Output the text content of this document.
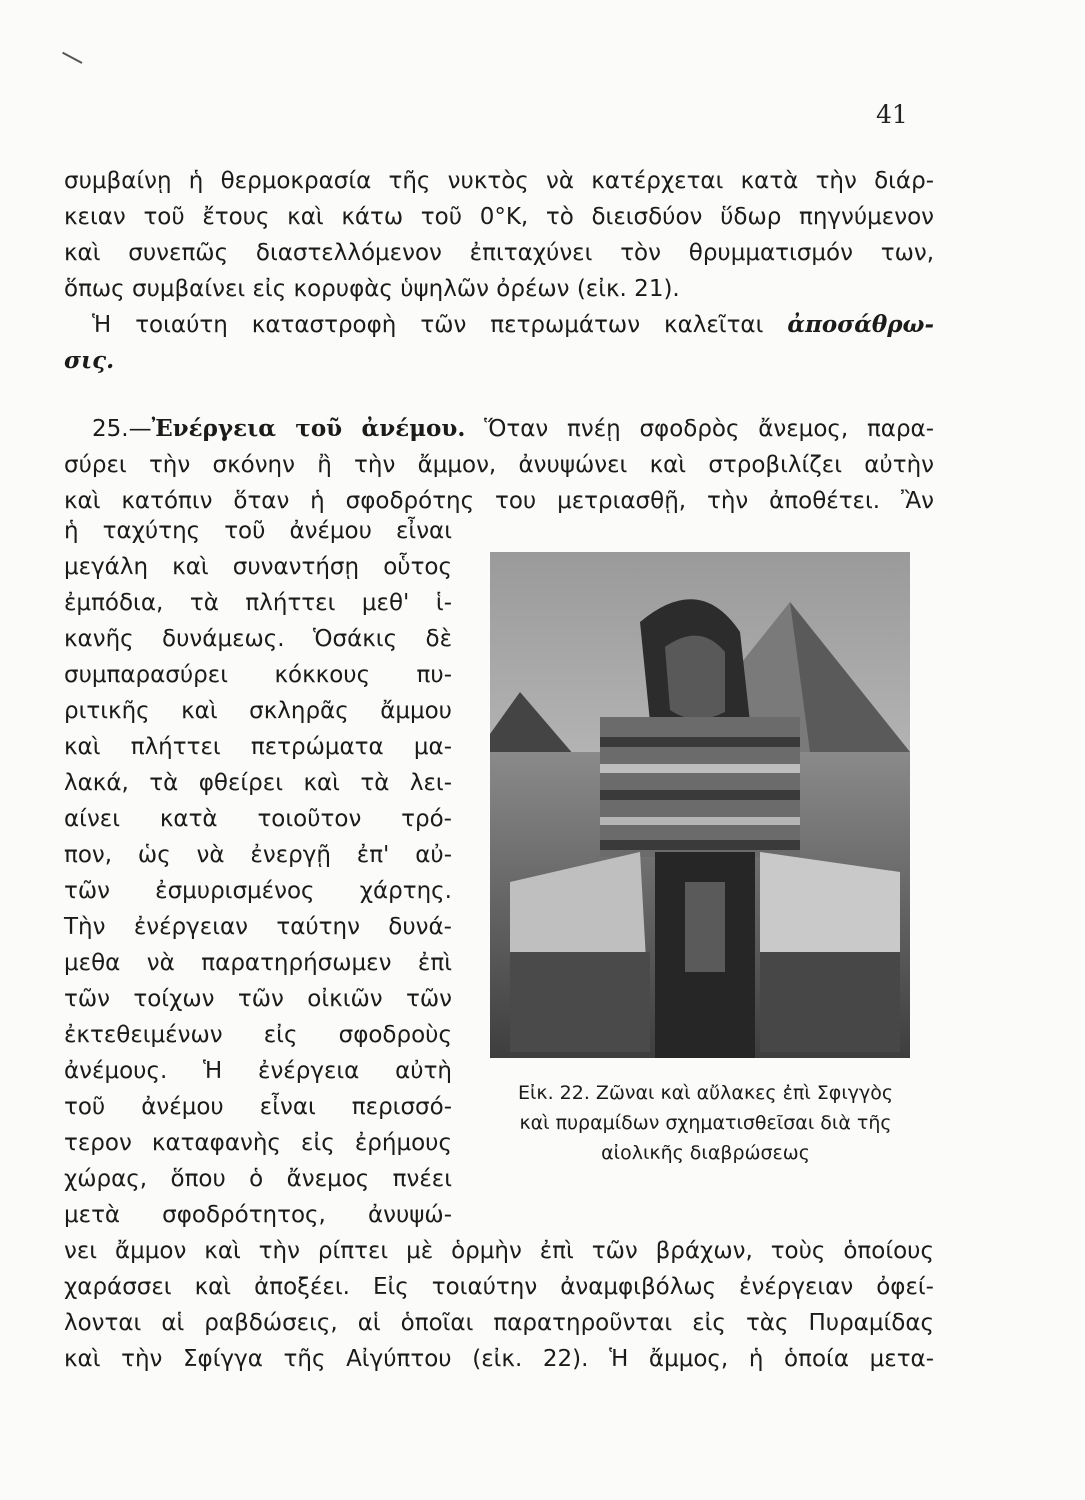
41
συμβαίνῃ ἡ θερμοκρασία τῆς νυκτὸς νὰ κατέρχεται κατὰ τὴν διάρ-
κειαν τοῦ ἔτους καὶ κάτω τοῦ 0°K, τὸ διεισδύον ὕδωρ πηγνύμενον
καὶ συνεπῶς διαστελλόμενον ἐπιταχύνει τὸν θρυμματισμόν των,
ὅπως συμβαίνει εἰς κορυφὰς ὑψηλῶν ὀρέων (εἰκ. 21).
Ἡ τοιαύτη καταστροφὴ τῶν πετρωμάτων καλεῖται ἀποσάθρω-
σις.
25.—Ἐνέργεια τοῦ ἀνέμου. Ὅταν πνέῃ σφοδρὸς ἄνεμος, παρα-
σύρει τὴν σκόνην ἢ τὴν ἄμμον, ἀνυψώνει καὶ στροβιλίζει αὐτὴν
καὶ κατόπιν ὅταν ἡ σφοδρότης του μετριασθῇ, τὴν ἀποθέτει. Ἂν
ἡ ταχύτης τοῦ ἀνέμου εἶναι
μεγάλη καὶ συναντήσῃ οὗτος
ἐμπόδια, τὰ πλήττει μεθ' ἱ-
κανῆς δυνάμεως. Ὁσάκις δὲ
συμπαρασύρει κόκκους πυ-
ριτικῆς καὶ σκληρᾶς ἄμμου
καὶ πλήττει πετρώματα μα-
λακά, τὰ φθείρει καὶ τὰ λει-
αίνει κατὰ τοιοῦτον τρό-
πον, ὡς νὰ ἐνεργῇ ἐπ' αὐ-
τῶν ἐσμυρισμένος χάρτης.
Τὴν ἐνέργειαν ταύτην δυνά-
μεθα νὰ παρατηρήσωμεν ἐπὶ
τῶν τοίχων τῶν οἰκιῶν τῶν
ἐκτεθειμένων εἰς σφοδροὺς
ἀνέμους. Ἡ ἐνέργεια αὐτὴ
τοῦ ἀνέμου εἶναι περισσό-
τερον καταφανὴς εἰς ἐρήμους
χώρας, ὅπου ὁ ἄνεμος πνέει
μετὰ σφοδρότητος, ἀνυψώ-
νει ἄμμον καὶ τὴν ρίπτει μὲ ὁρμὴν ἐπὶ τῶν βράχων, τοὺς ὁποίους
χαράσσει καὶ ἀποξέει. Εἰς τοιαύτην ἀναμφιβόλως ἐνέργειαν ὀφεί-
λονται αἱ ραβδώσεις, αἱ ὁποῖαι παρατηροῦνται εἰς τὰς Πυραμίδας
καὶ τὴν Σφίγγα τῆς Αἰγύπτου (εἰκ. 22). Ἡ ἄμμος, ἡ ὁποία μετα-
Εἰκ. 22. Ζῶναι καὶ αὔλακες ἐπὶ Σφιγγὸς
καὶ πυραμίδων σχηματισθεῖσαι διὰ τῆς
αἰολικῆς διαβρώσεως
